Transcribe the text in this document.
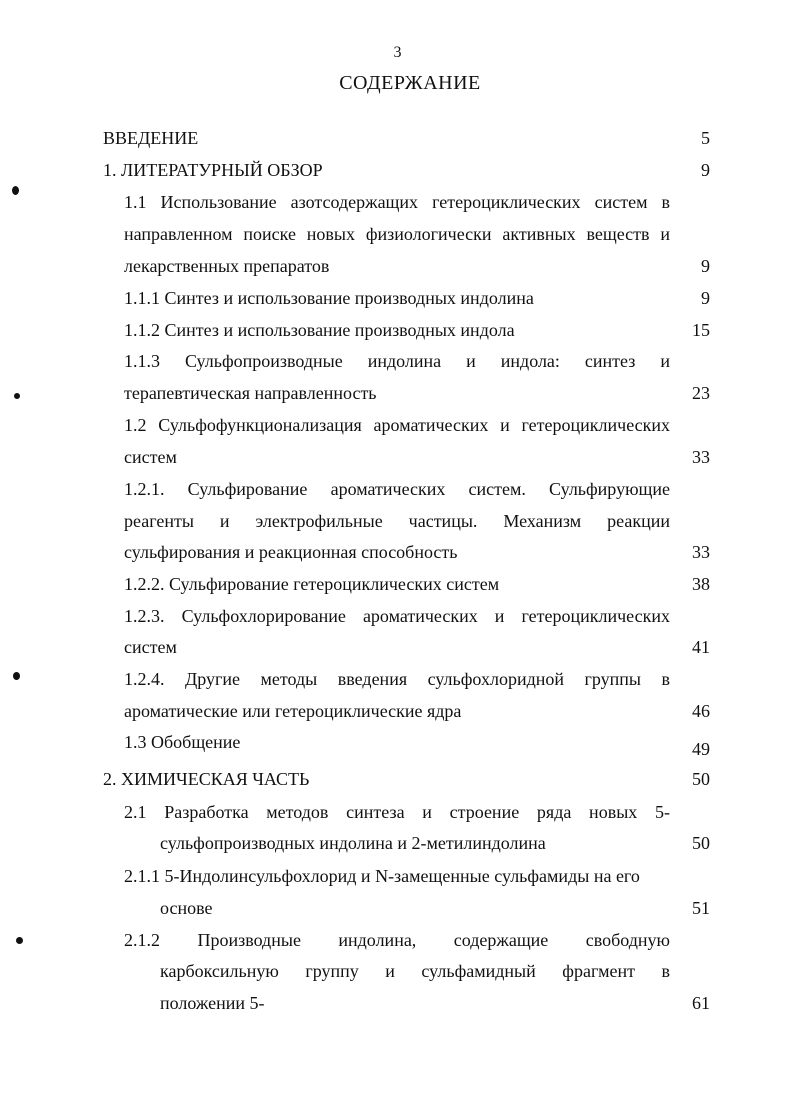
3
СОДЕРЖАНИЕ
ВВЕДЕНИЕ	5
1. ЛИТЕРАТУРНЫЙ ОБЗОР	9
1.1 Использование азотсодержащих гетероциклических систем в
направленном поиске новых физиологически активных веществ и
лекарственных препаратов	9
1.1.1 Синтез и использование производных индолина	9
1.1.2 Синтез и использование производных индола	15
1.1.3 Сульфопроизводные индолина и индола: синтез и
терапевтическая направленность	23
1.2 Сульфофункционализация ароматических и гетероциклических
систем	33
1.2.1. Сульфирование ароматических систем. Сульфирующие
реагенты и электрофильные частицы. Механизм реакции
сульфирования и реакционная способность	33
1.2.2. Сульфирование гетероциклических систем	38
1.2.3. Сульфохлорирование ароматических и гетероциклических
систем	41
1.2.4. Другие методы введения сульфохлоридной группы в
ароматические или гетероциклические ядра	46
1.3 Обобщение	49
2. ХИМИЧЕСКАЯ ЧАСТЬ	50
2.1 Разработка методов синтеза и строение ряда новых 5-
сульфопроизводных индолина и 2-метилиндолина	50
2.1.1 5-Индолинсульфохлорид и N-замещенные сульфамиды на его
основе	51
2.1.2 Производные индолина, содержащие свободную
карбоксильную группу и сульфамидный фрагмент в
положении 5-	61
